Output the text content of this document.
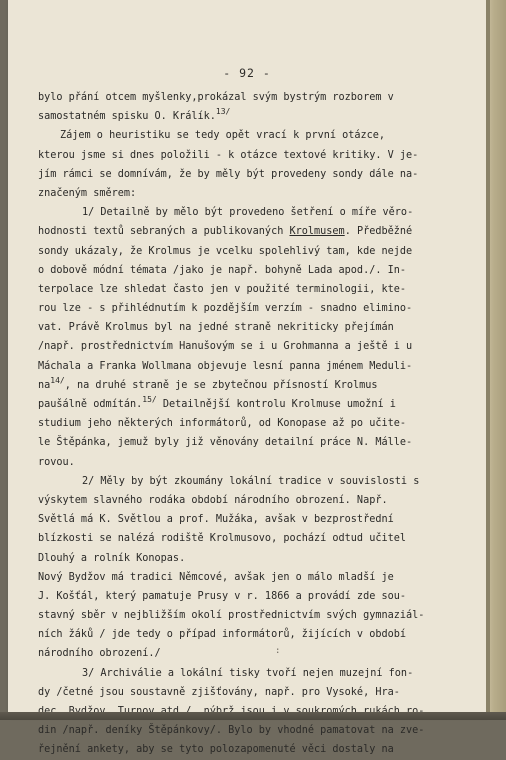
- 92 -
bylo přání otcem myšlenky,prokázal svým bystrým rozborem v
samostatném spisku O. Králík.$^{13/}$
Zájem o heuristiku se tedy opět vrací k první otázce,
kterou jsme si dnes položili - k otázce textové kritiky. V je-
jím rámci se domnívám, že by měly být provedeny sondy dále na-
značeným směrem:
1/ Detailně by mělo být provedeno šetření o míře věro-
hodnosti textů sebraných a publikovaných Krolmusem. Předběžné
sondy ukázaly, že Krolmus je vcelku spolehlivý tam, kde nejde
o dobově módní témata /jako je např. bohyně Lada apod./. In-
terpolace lze shledat často jen v použité terminologii, kte-
rou lze - s přihlédnutím k pozdějším verzím - snadno elimino-
vat. Právě Krolmus byl na jedné straně nekriticky přejímán
/např. prostřednictvím Hanušovým se i u Grohmanna a ještě i u
Máchala a Franka Wollmana objevuje lesní panna jménem Meduli-
$na^{14/}$, na druhé straně je se zbytečnou přísností Krolmus
paušálně odmítán.$^{15/}$ Detailnější kontrolu Krolmuse umožní i
studium jeho některých informátorů, od Konopase až po učite-
le Štěpánka, jemuž byly již věnovány detailní práce N. Málle-
rovou.
2/ Měly by být zkoumány lokální tradice v souvislosti s
výskytem slavného rodáka období národního obrození. Např.
Světlá má K. Světlou a prof. Mužáka, avšak v bezprostřední
blízkosti se nalézá rodiště Krolmusovo, pochází odtud učitel
Dlouhý a rolník Konopas.
Nový Bydžov má tradici Němcové, avšak jen o málo mladší je
J. Košťál, který pamatuje Prusy v r. 1866 a provádí zde sou-
stavný sběr v nejbližším okolí prostřednictvím svých gymnaziál-
ních žáků / jde tedy o případ informátorů, žijících v období
národního obrození./
3/ Archiválie a lokální tisky tvoří nejen muzejní fon-
dy /četné jsou soustavně zjišťovány, např. pro Vysoké, Hra-
din /např. deníky Štěpánkovy/. Bylo by vhodné pamatovat na zve-
řejnění ankety, aby se tyto polozapomenuté věci dostaly na
:
